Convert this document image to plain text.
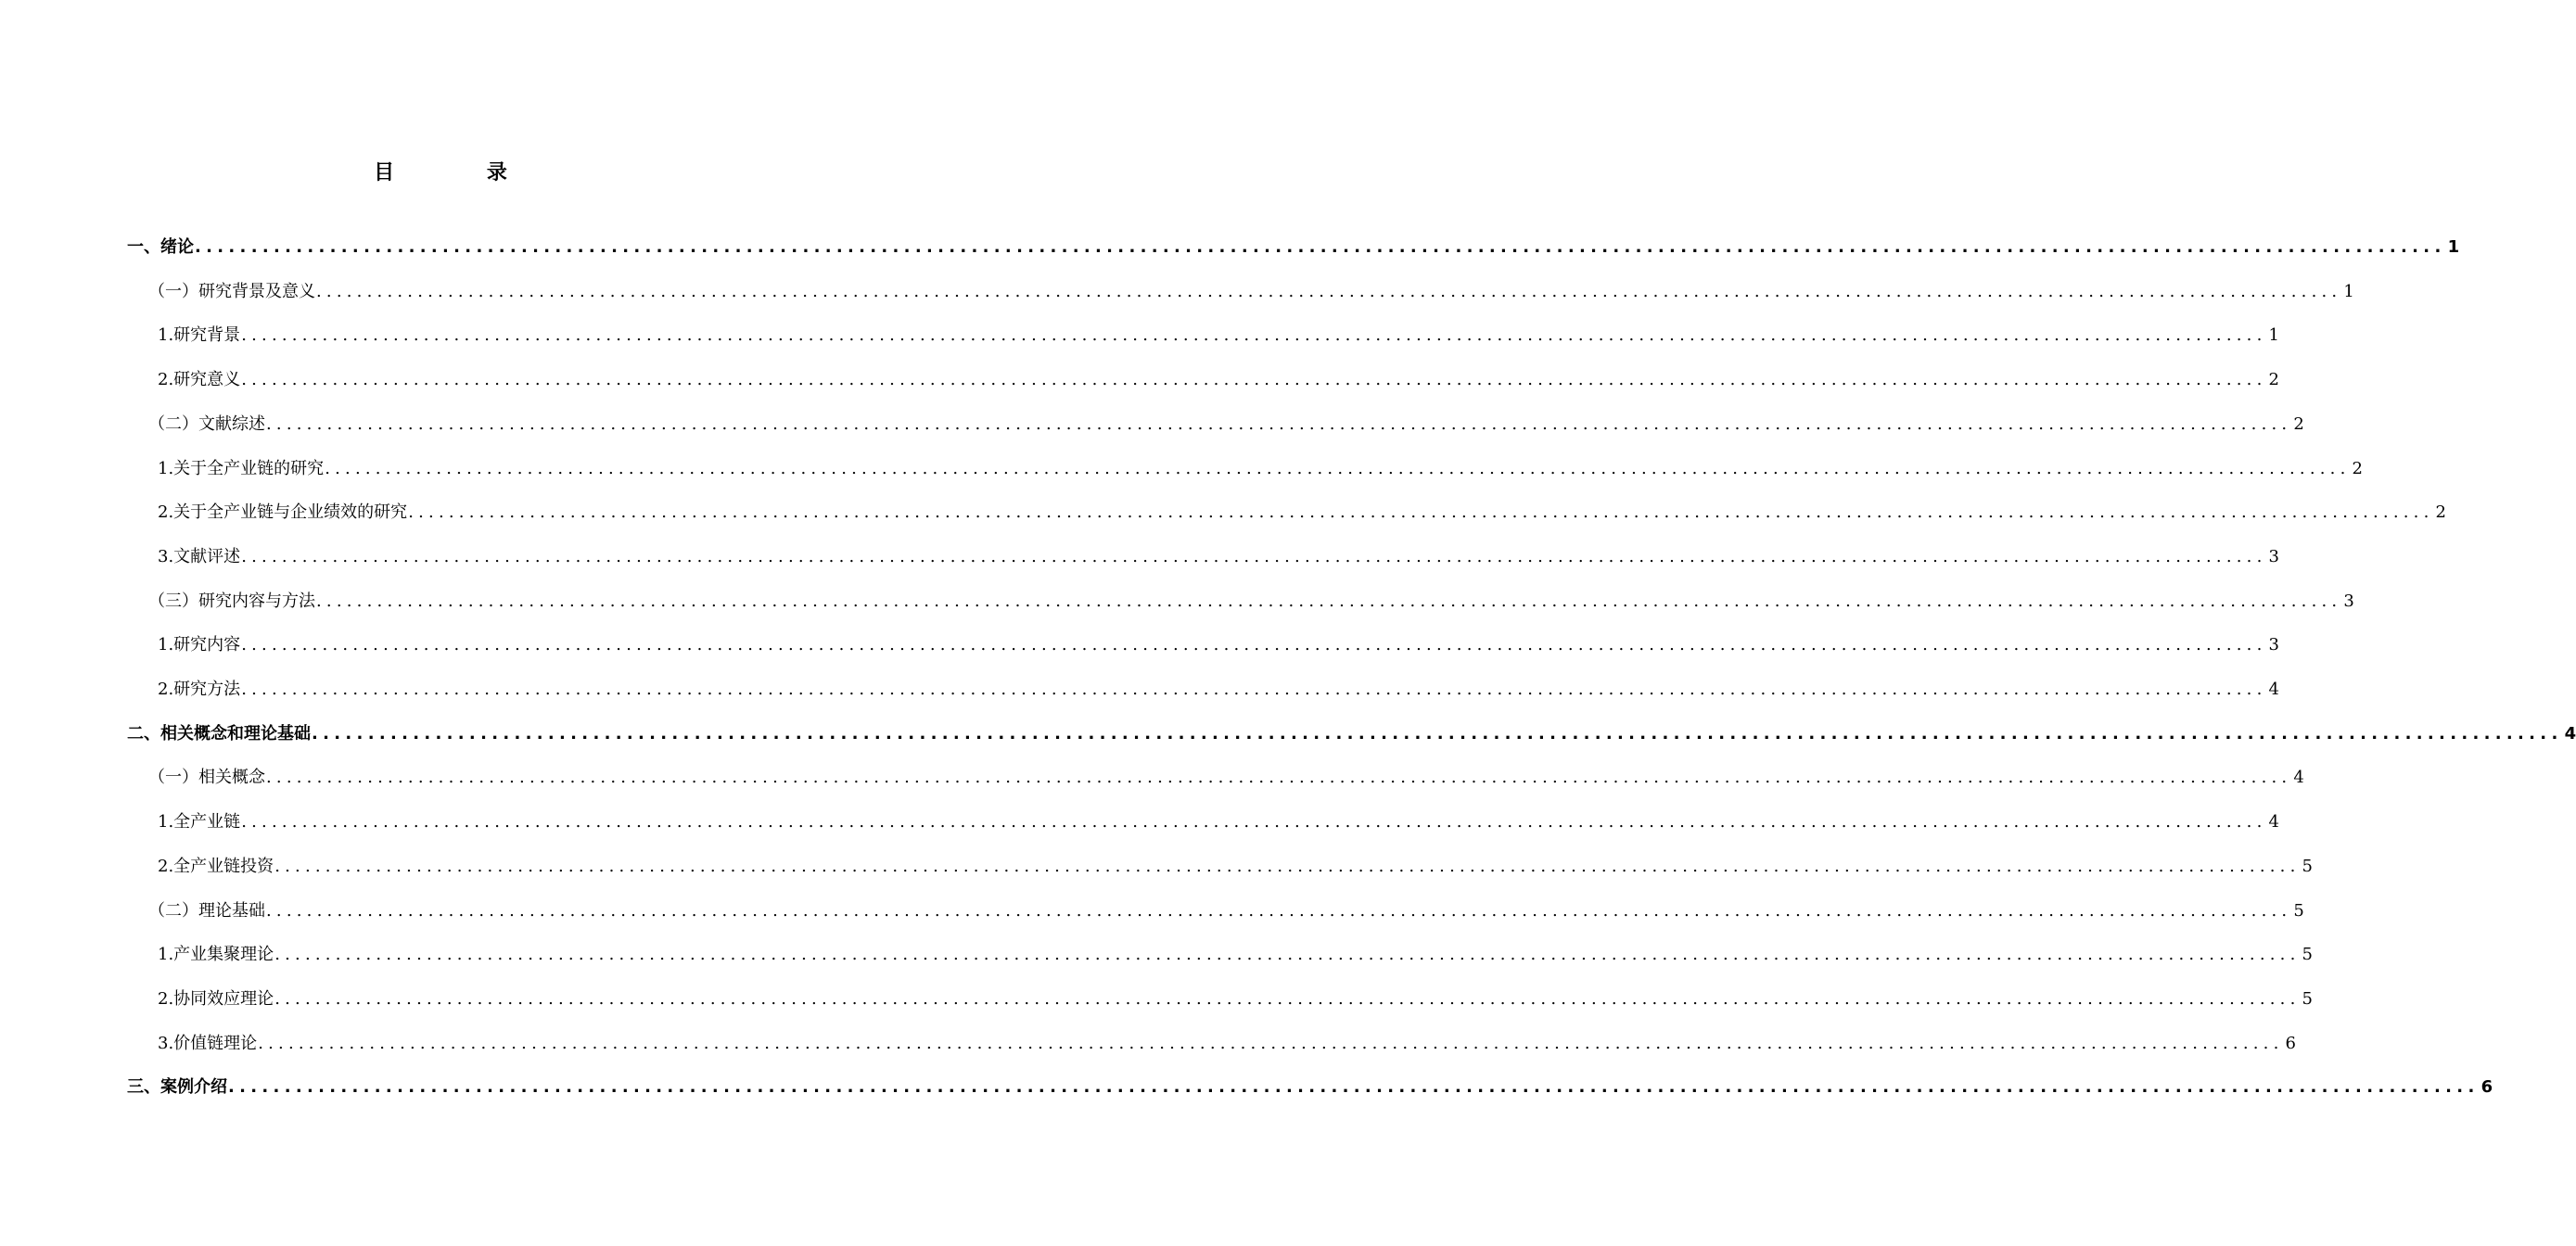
目 录
一、绪论 ........................................................................................................................................................................................................ 1
（一）研究背景及意义 ........................................................................................................................................................................................................ 1
1.研究背景 ........................................................................................................................................................................................................ 1
2.研究意义 ........................................................................................................................................................................................................ 2
（二）文献综述 ........................................................................................................................................................................................................ 2
1.关于全产业链的研究 ........................................................................................................................................................................................................ 2
2.关于全产业链与企业绩效的研究 ........................................................................................................................................................................................................ 2
3.文献评述 ........................................................................................................................................................................................................ 3
（三）研究内容与方法 ........................................................................................................................................................................................................ 3
1.研究内容 ........................................................................................................................................................................................................ 3
2.研究方法 ........................................................................................................................................................................................................ 4
二、相关概念和理论基础 ........................................................................................................................................................................................................ 4
（一）相关概念 ........................................................................................................................................................................................................ 4
1.全产业链 ........................................................................................................................................................................................................ 4
2.全产业链投资 ........................................................................................................................................................................................................ 5
（二）理论基础 ........................................................................................................................................................................................................ 5
1.产业集聚理论 ........................................................................................................................................................................................................ 5
2.协同效应理论 ........................................................................................................................................................................................................ 5
3.价值链理论 ........................................................................................................................................................................................................ 6
三、案例介绍 ........................................................................................................................................................................................................ 6
